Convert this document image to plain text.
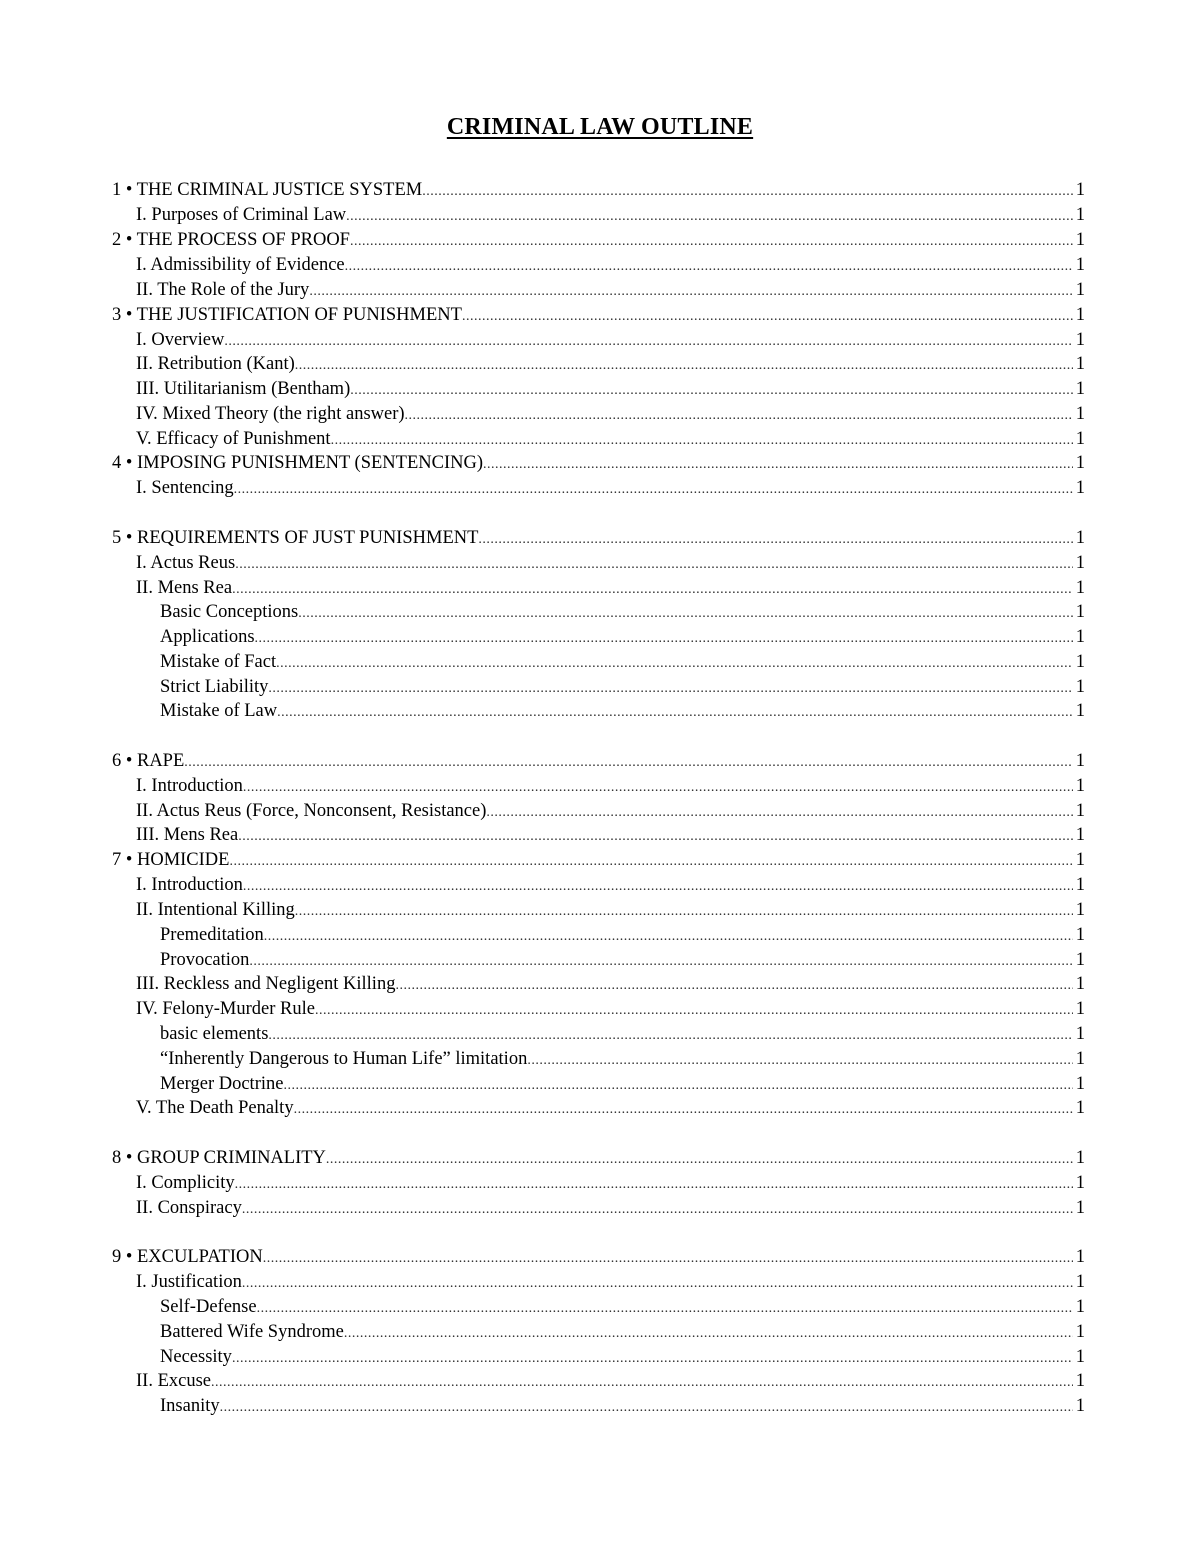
CRIMINAL LAW OUTLINE
1 • THE CRIMINAL JUSTICE SYSTEM .....	1
I. Purposes of Criminal Law .....	1
2 • THE PROCESS OF PROOF .....	1
I. Admissibility of Evidence .....	1
II. The Role of the Jury .....	1
3 • THE JUSTIFICATION OF PUNISHMENT .....	1
I. Overview .....	1
II. Retribution (Kant) .....	1
III. Utilitarianism (Bentham) .....	1
IV. Mixed Theory (the right answer) .....	1
V. Efficacy of Punishment .....	1
4 • IMPOSING PUNISHMENT (SENTENCING) .....	1
I. Sentencing .....	1
5 • REQUIREMENTS OF JUST PUNISHMENT .....	1
I. Actus Reus .....	1
II. Mens Rea .....	1
Basic Conceptions .....	1
Applications .....	1
Mistake of Fact .....	1
Strict Liability .....	1
Mistake of Law .....	1
6 • RAPE .....	1
I. Introduction .....	1
II. Actus Reus (Force, Nonconsent, Resistance) .....	1
III. Mens Rea .....	1
7 • HOMICIDE .....	1
I. Introduction .....	1
II. Intentional Killing .....	1
Premeditation .....	1
Provocation .....	1
III. Reckless and Negligent Killing .....	1
IV. Felony-Murder Rule .....	1
basic elements .....	1
“Inherently Dangerous to Human Life” limitation .....	1
Merger Doctrine .....	1
V. The Death Penalty .....	1
8 • GROUP CRIMINALITY .....	1
I. Complicity .....	1
II. Conspiracy .....	1
9 • EXCULPATION .....	1
I. Justification .....	1
Self-Defense .....	1
Battered Wife Syndrome .....	1
Necessity .....	1
II. Excuse .....	1
Insanity .....	1
